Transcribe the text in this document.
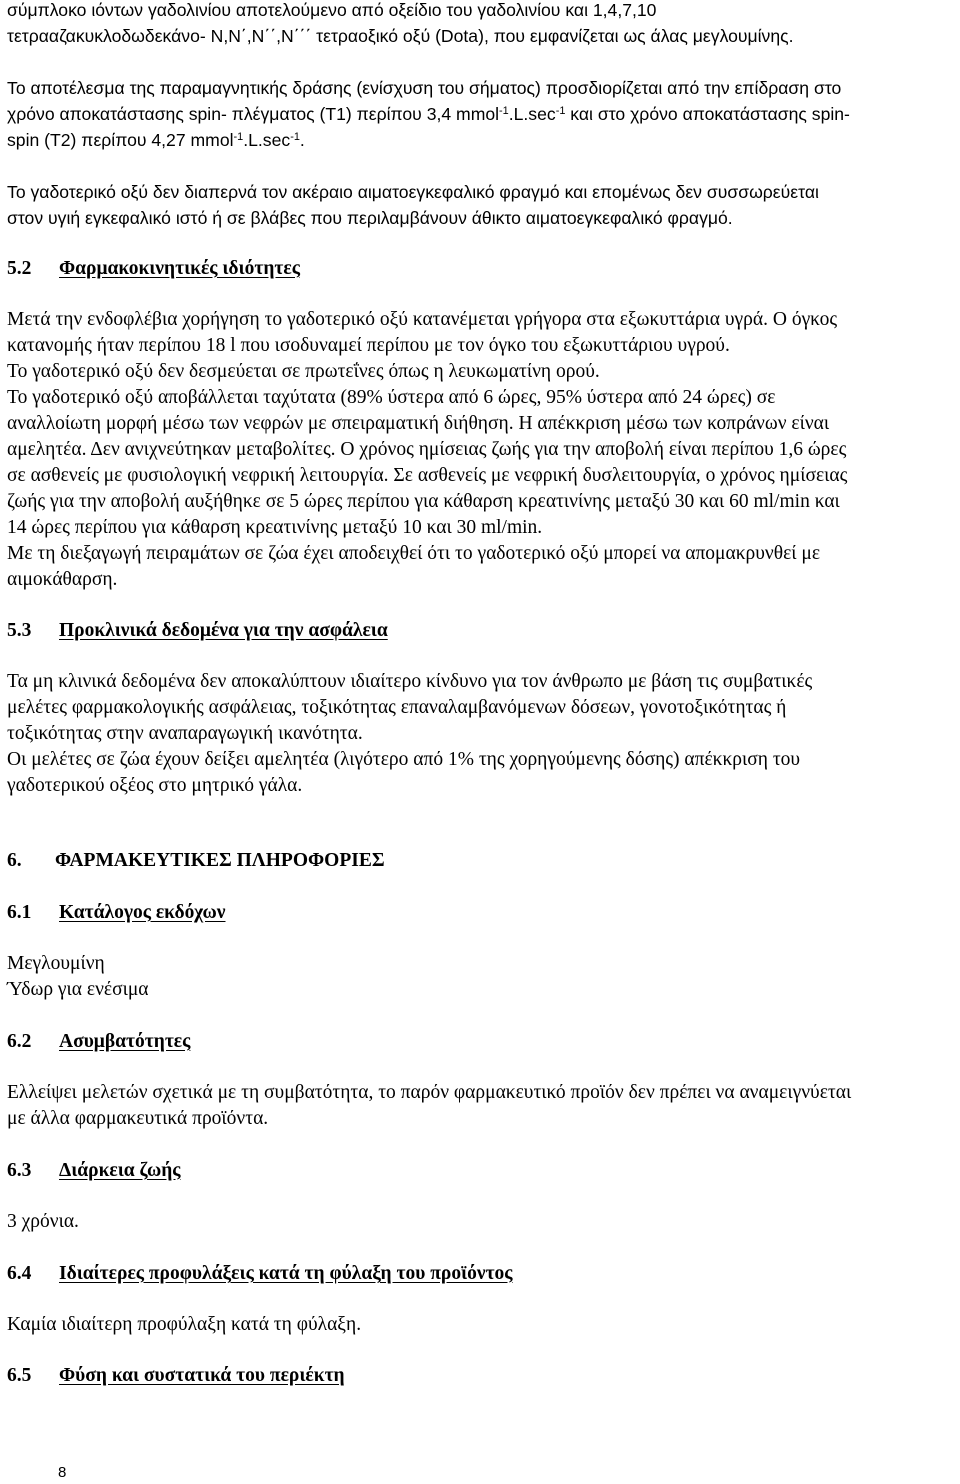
σύμπλοκο ιόντων γαδολινίου αποτελούμενο από οξείδιο του γαδολινίου και 1,4,7,10
τετρααζακυκλοδωδεκάνο- Ν,Ν΄,Ν΄΄,Ν΄΄΄ τετραοξικό οξύ (Dota), που εμφανίζεται ως άλας μεγλουμίνης.
Το αποτέλεσμα της παραμαγνητικής δράσης (ενίσχυση του σήματος) προσδιορίζεται από την επίδραση στο
χρόνο αποκατάστασης spin- πλέγματος (T1) περίπου 3,4 $mmol^{-1}.L.\sec^{-1}$ και στο χρόνο αποκατάστασης spin-
spin (T2) περίπου 4,27 $mmol^{-1}.L.\sec^{-1}$.
Το γαδοτερικό οξύ δεν διαπερνά τον ακέραιο αιματοεγκεφαλικό φραγμό και επομένως δεν συσσωρεύεται
στον υγιή εγκεφαλικό ιστό ή σε βλάβες που περιλαμβάνουν άθικτο αιματοεγκεφαλικό φραγμό.
5.2 Φαρμακοκινητικές ιδιότητες
Μετά την ενδοφλέβια χορήγηση το γαδοτερικό οξύ κατανέμεται γρήγορα στα εξωκυττάρια υγρά. Ο όγκος
κατανομής ήταν περίπου 18 l που ισοδυναμεί περίπου με τον όγκο του εξωκυττάριου υγρού.
Το γαδοτερικό οξύ δεν δεσμεύεται σε πρωτεΐνες όπως η λευκωματίνη ορού.
Το γαδοτερικό οξύ αποβάλλεται ταχύτατα (89% ύστερα από 6 ώρες, 95% ύστερα από 24 ώρες) σε
αναλλοίωτη μορφή μέσω των νεφρών με σπειραματική διήθηση. Η απέκκριση μέσω των κοπράνων είναι
αμελητέα. Δεν ανιχνεύτηκαν μεταβολίτες. Ο χρόνος ημίσειας ζωής για την αποβολή είναι περίπου 1,6 ώρες
σε ασθενείς με φυσιολογική νεφρική λειτουργία. Σε ασθενείς με νεφρική δυσλειτουργία, ο χρόνος ημίσειας
ζωής για την αποβολή αυξήθηκε σε 5 ώρες περίπου για κάθαρση κρεατινίνης μεταξύ 30 και 60 ml/min και
14 ώρες περίπου για κάθαρση κρεατινίνης μεταξύ 10 και 30 ml/min.
Με τη διεξαγωγή πειραμάτων σε ζώα έχει αποδειχθεί ότι το γαδοτερικό οξύ μπορεί να απομακρυνθεί με
αιμοκάθαρση.
5.3 Προκλινικά δεδομένα για την ασφάλεια
Τα μη κλινικά δεδομένα δεν αποκαλύπτουν ιδιαίτερο κίνδυνο για τον άνθρωπο με βάση τις συμβατικές
μελέτες φαρμακολογικής ασφάλειας, τοξικότητας επαναλαμβανόμενων δόσεων, γονοτοξικότητας ή
τοξικότητας στην αναπαραγωγική ικανότητα.
Οι μελέτες σε ζώα έχουν δείξει αμελητέα (λιγότερο από 1% της χορηγούμενης δόσης) απέκκριση του
γαδοτερικού οξέος στο μητρικό γάλα.
6. ΦΑΡΜΑΚΕΥΤΙΚΕΣ ΠΛΗΡΟΦΟΡΙΕΣ
6.1 Κατάλογος εκδόχων
Μεγλουμίνη
Ύδωρ για ενέσιμα
6.2 Ασυμβατότητες
Ελλείψει μελετών σχετικά με τη συμβατότητα, το παρόν φαρμακευτικό προϊόν δεν πρέπει να αναμειγνύεται
με άλλα φαρμακευτικά προϊόντα.
6.3 Διάρκεια ζωής
3 χρόνια.
6.4 Ιδιαίτερες προφυλάξεις κατά τη φύλαξη του προϊόντος
Καμία ιδιαίτερη προφύλαξη κατά τη φύλαξη.
6.5 Φύση και συστατικά του περιέκτη
8
